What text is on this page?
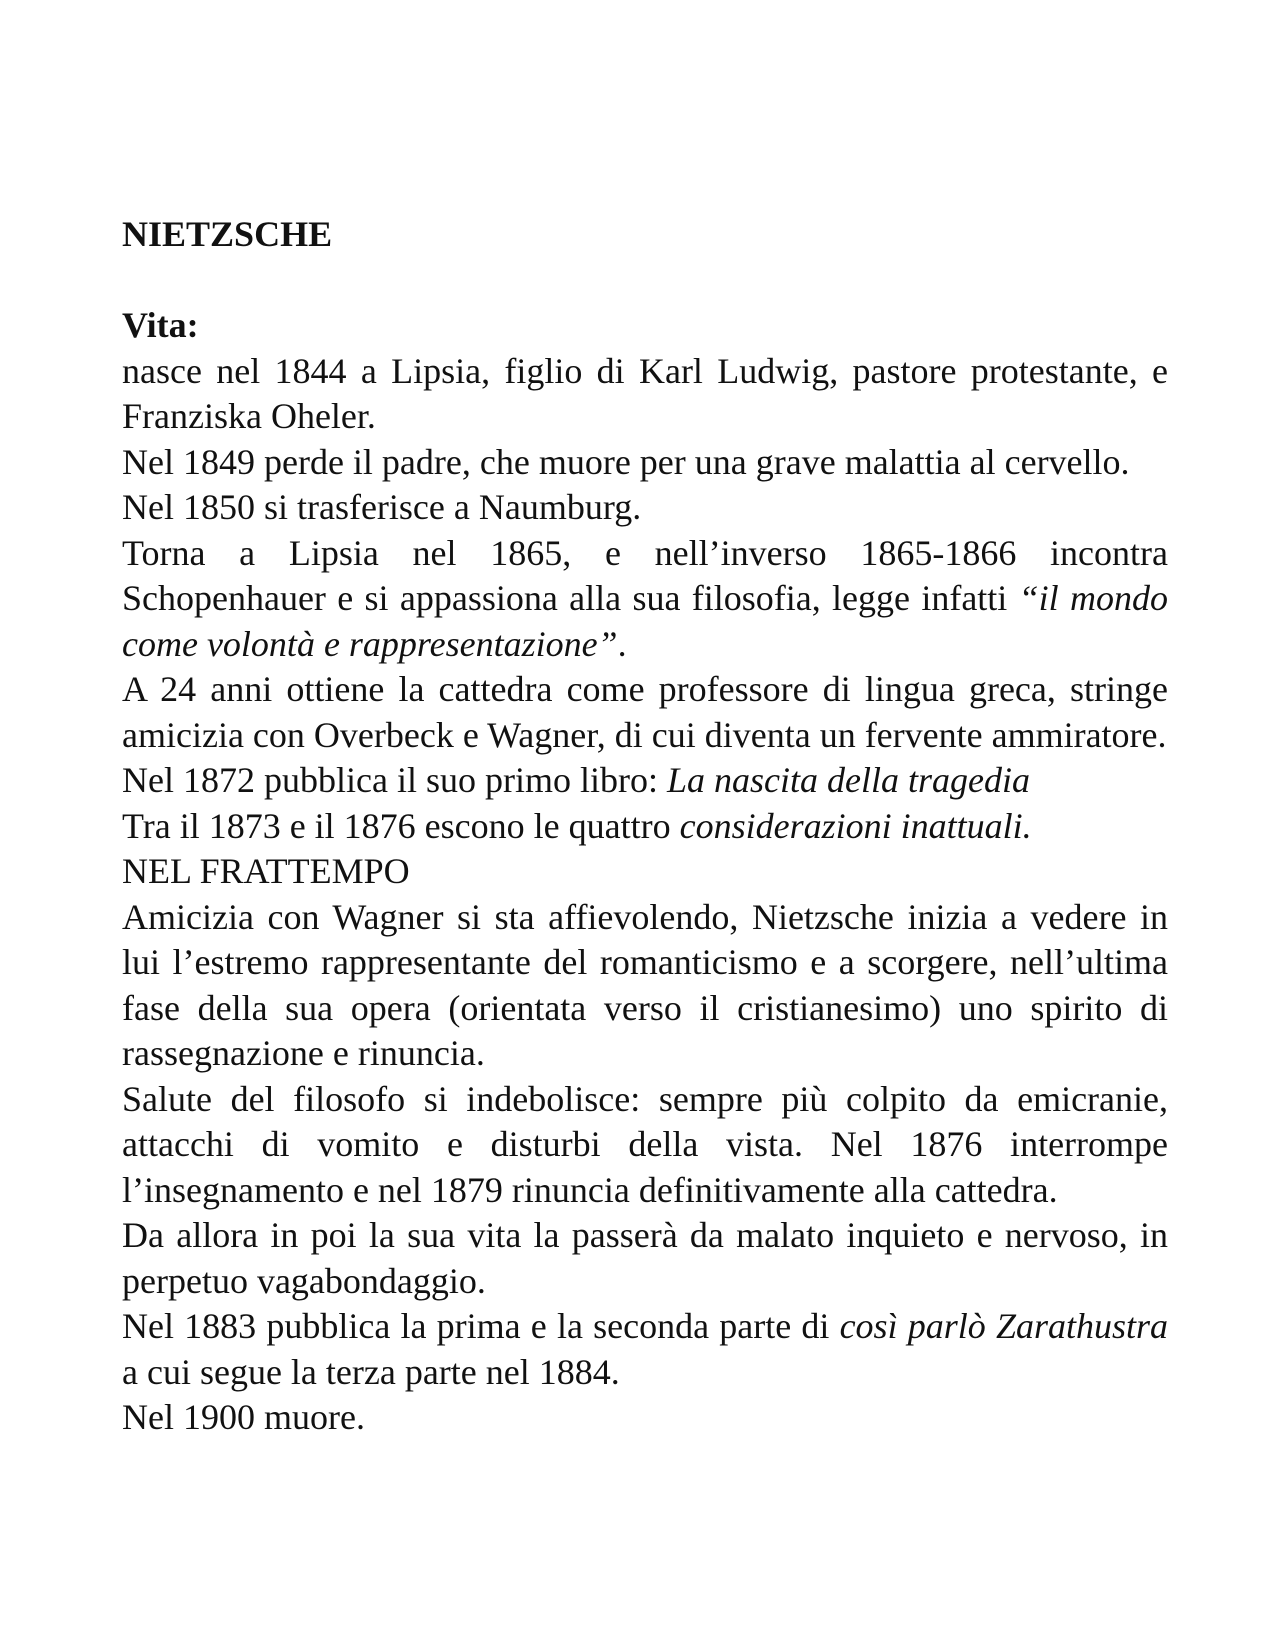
NIETZSCHE

Vita:

nasce nel 1844 a Lipsia, figlio di Karl Ludwig, pastore protestante, e Franziska Oheler.

Nel 1849 perde il padre, che muore per una grave malattia al cervello.

Nel 1850 si trasferisce a Naumburg.

Torna a Lipsia nel 1865, e nell’inverso 1865-1866 incontra Schopenhauer e si appassiona alla sua filosofia, legge infatti “il mondo come volontà e rappresentazione”.

A 24 anni ottiene la cattedra come professore di lingua greca, stringe amicizia con Overbeck e Wagner, di cui diventa un fervente ammiratore.

Nel 1872 pubblica il suo primo libro: La nascita della tragedia

Tra il 1873 e il 1876 escono le quattro considerazioni inattuali.

NEL FRATTEMPO

Amicizia con Wagner si sta affievolendo, Nietzsche inizia a vedere in lui l’estremo rappresentante del romanticismo e a scorgere, nell’ultima fase della sua opera (orientata verso il cristianesimo) uno spirito di rassegnazione e rinuncia.

Salute del filosofo si indebolisce: sempre più colpito da emicranie, attacchi di vomito e disturbi della vista. Nel 1876 interrompe l’insegnamento e nel 1879 rinuncia definitivamente alla cattedra.

Da allora in poi la sua vita la passerà da malato inquieto e nervoso, in perpetuo vagabondaggio.

Nel 1883 pubblica la prima e la seconda parte di così parlò Zarathustra a cui segue la terza parte nel 1884.

Nel 1900 muore.
